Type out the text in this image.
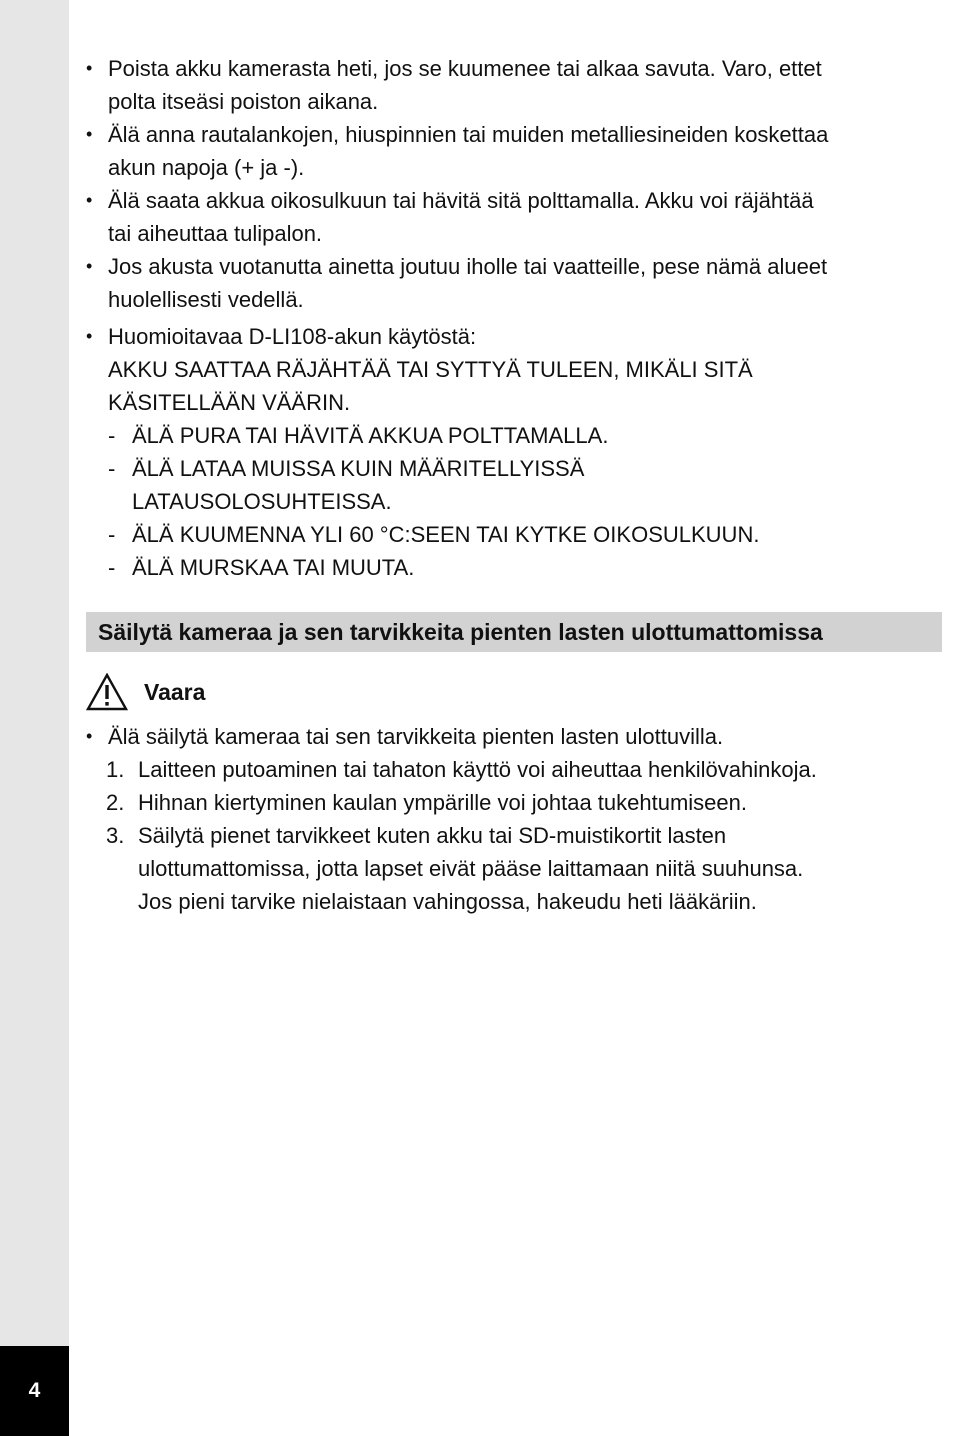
4
• Poista akku kamerasta heti, jos se kuumenee tai alkaa savuta. Varo, ettet
polta itseäsi poiston aikana.
• Älä anna rautalankojen, hiuspinnien tai muiden metalliesineiden koskettaa
akun napoja (+ ja -).
• Älä saata akkua oikosulkuun tai hävitä sitä polttamalla. Akku voi räjähtää
tai aiheuttaa tulipalon.
• Jos akusta vuotanutta ainetta joutuu iholle tai vaatteille, pese nämä alueet
huolellisesti vedellä.
• Huomioitavaa D-LI108-akun käytöstä:
AKKU SAATTAA RÄJÄHTÄÄ TAI SYTTYÄ TULEEN, MIKÄLI SITÄ
KÄSITELLÄÄN VÄÄRIN.
- ÄLÄ PURA TAI HÄVITÄ AKKUA POLTTAMALLA.
- ÄLÄ LATAA MUISSA KUIN MÄÄRITELLYISSÄ
LATAUSOLOSUHTEISSA.
- ÄLÄ KUUMENNA YLI 60 °C:SEEN TAI KYTKE OIKOSULKUUN.
- ÄLÄ MURSKAA TAI MUUTA.
Säilytä kameraa ja sen tarvikkeita pienten lasten ulottumattomissa
Vaara
• Älä säilytä kameraa tai sen tarvikkeita pienten lasten ulottuvilla.
1. Laitteen putoaminen tai tahaton käyttö voi aiheuttaa henkilövahinkoja.
2. Hihnan kiertyminen kaulan ympärille voi johtaa tukehtumiseen.
3. Säilytä pienet tarvikkeet kuten akku tai SD-muistikortit lasten
ulottumattomissa, jotta lapset eivät pääse laittamaan niitä suuhunsa.
Jos pieni tarvike nielaistaan vahingossa, hakeudu heti lääkäriin.
